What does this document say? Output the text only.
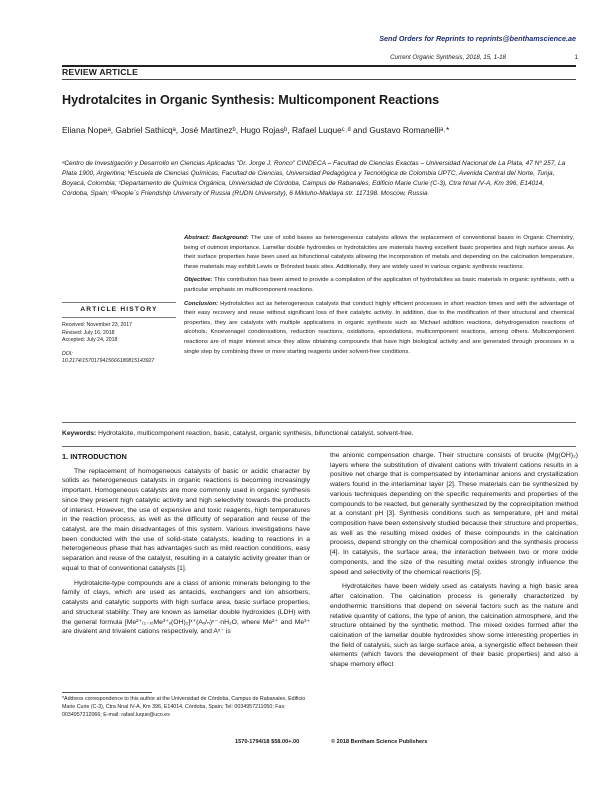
Send Orders for Reprints to reprints@benthamscience.ae
Current Organic Synthesis, 2018, 15, 1-18	1
REVIEW ARTICLE
Hydrotalcites in Organic Synthesis: Multicomponent Reactions
Eliana Nopeᵃ, Gabriel Sathicqᵃ, José Martinezᵇ, Hugo Rojasᵇ, Rafael Luqueᶜ˒ᵈ and Gustavo Romanelliᵃ˒*
ᵃCentro de Investigación y Desarrollo en Ciencias Aplicadas "Dr. Jorge J. Ronco" CINDECA – Facultad de Ciencias Exactas – Universidad Nacional de La Plata, 47 Nº 257, La Plata 1900, Argentina; ᵇEscuela de Ciencias Químicas, Facultad de Ciencias, Universidad Pedagógica y Tecnológica de Colombia UPTC, Avenida Central del Norte, Tunja, Boyacá, Colombia; ᶜDepartamento de Química Orgánica, Universidad de Córdoba, Campus de Rabanales, Edificio Marie Curie (C-3), Ctra Nnal IV-A, Km 396, E14014, Córdoba, Spain; ᵈPeople´s Friendship University of Russia (RUDN University), 6 Mikluho-Maklaya str. 117198. Moscow, Russia

Abstract: Background: The use of solid bases as heterogeneous catalysts allows the replacement of conventional bases in Organic Chemistry, being of outmost importance. Lamellar double hydroxides or hydrotalcites are materials having excellent basic properties and high surface areas. As their surface properties have been used as bifunctional catalysts allowing the incorporation of metals and depending on the calcination temperature, these materials may exhibit Lewis or Brönsted basic sites. Additionally, they are widely used in various organic synthesis reactions.

Objective: This contribution has been aimed to provide a compilation of the application of hydrotalcites as basic materials in organic synthesis, with a particular emphasis on multicomponent reactions.

Conclusion: Hydrotalcites act as heterogeneous catalysts that conduct highly efficient processes in short reaction times and with the advantage of their easy recovery and reuse without significant loss of their catalytic activity. In addition, due to the modification of their structural and chemical properties, they are catalysts with multiple applications in organic synthesis such as Michael addition reactions, dehydrogenation reactions of alcohols, Knoevenagel condensations, reduction reactions, oxidations, epoxidations, multicomponent reactions, among others. Multicomponent reactions are of major interest since they allow obtaining compounds that have high biological activity and are generated through processes in a single step by combining three or more starting reagents under solvent-free conditions.

ARTICLE HISTORY
Received: November 23, 2017
Revised: July 16, 2018
Accepted: July 24, 2018
DOI:
10.2174/1570179415666180815143927
Keywords: Hydrotalcite, multicomponent reaction, basic, catalyst, organic synthesis, bifunctional catalyst, solvent-free.

1. INTRODUCTION

The replacement of homogeneous catalysts of basic or acidic character by solids as heterogeneous catalysts in organic reactions is becoming increasingly important. Homogeneous catalysts are more commonly used in organic synthesis since they present high catalytic activity and high selectivity towards the products of interest. However, the use of expensive and toxic reagents, high temperatures in the reaction process, as well as the difficulty of separation and reuse of the catalyst, are the main disadvantages of this system. Various investigations have been conducted with the use of solid-state catalysts, leading to reactions in a heterogeneous phase that has advantages such as mild reaction conditions, easy separation and reuse of the catalyst, resulting in a catalytic activity greater than or equal to that of conventional catalysts [1].

Hydrotalcite-type compounds are a class of anionic minerals belonging to the family of clays, which are used as antacids, exchangers and ion absorbers, catalysts and catalytic supports with high surface area, basic surface properties, and structural stability. They are known as lamellar double hydroxides (LDH) with the general formula [Me²⁺₍₁₋ₓ₎Me³⁺ₓ(OH)₂]ˣ⁺(Aₓ/ₙ)ⁿ⁻·nH₂O, where Me²⁺ and Me³⁺ are divalent and trivalent cations respectively, and Aⁿ⁻ is

the anionic compensation charge. Their structure consists of brucite (Mg(OH)₂) layers where the substitution of divalent cations with trivalent cations results in a positive net charge that is compensated by interlaminar anions and crystallization waters found in the interlaminar layer [2]. These materials can be synthesized by various techniques depending on the specific requirements and properties of the compounds to be reacted, but generally synthesized by the coprecipitation method at a constant pH [3]. Synthesis conditions such as temperature, pH and metal composition have been extensively studied because their structure and properties, as well as the resulting mixed oxides of these compounds in the calcination process, depend strongly on the chemical composition and the synthesis process [4]. In catalysis, the surface area, the interaction between two or more oxide components, and the size of the resulting metal oxides strongly influence the speed and selectivity of the chemical reactions [5].

Hydrotalcites have been widely used as catalysts having a high basic area after calcination. The calcination process is generally characterized by endothermic transitions that depend on several factors such as the nature and relative quantity of cations, the type of anion, the calcination atmosphere, and the structure obtained by the synthetic method. The mixed oxides formed after the calcination of the lamellar double hydroxides show some interesting properties in the field of catalysis, such as large surface area, a synergistic effect between their elements (which favors the development of their basic properties) and also a shape memory effect

*Address correspondence to this author at the Universidad de Córdoba, Campus de Rabanales, Edificio Marie Curie (C-3), Ctra Nnal IV-A, Km 396, E14014, Córdoba, Spain; Tel: 0034957211050; Fax: 0034957212066; E-mail: rafael.luque@uco.es
1570-1794/18 $58.00+.00	© 2018 Bentham Science Publishers
